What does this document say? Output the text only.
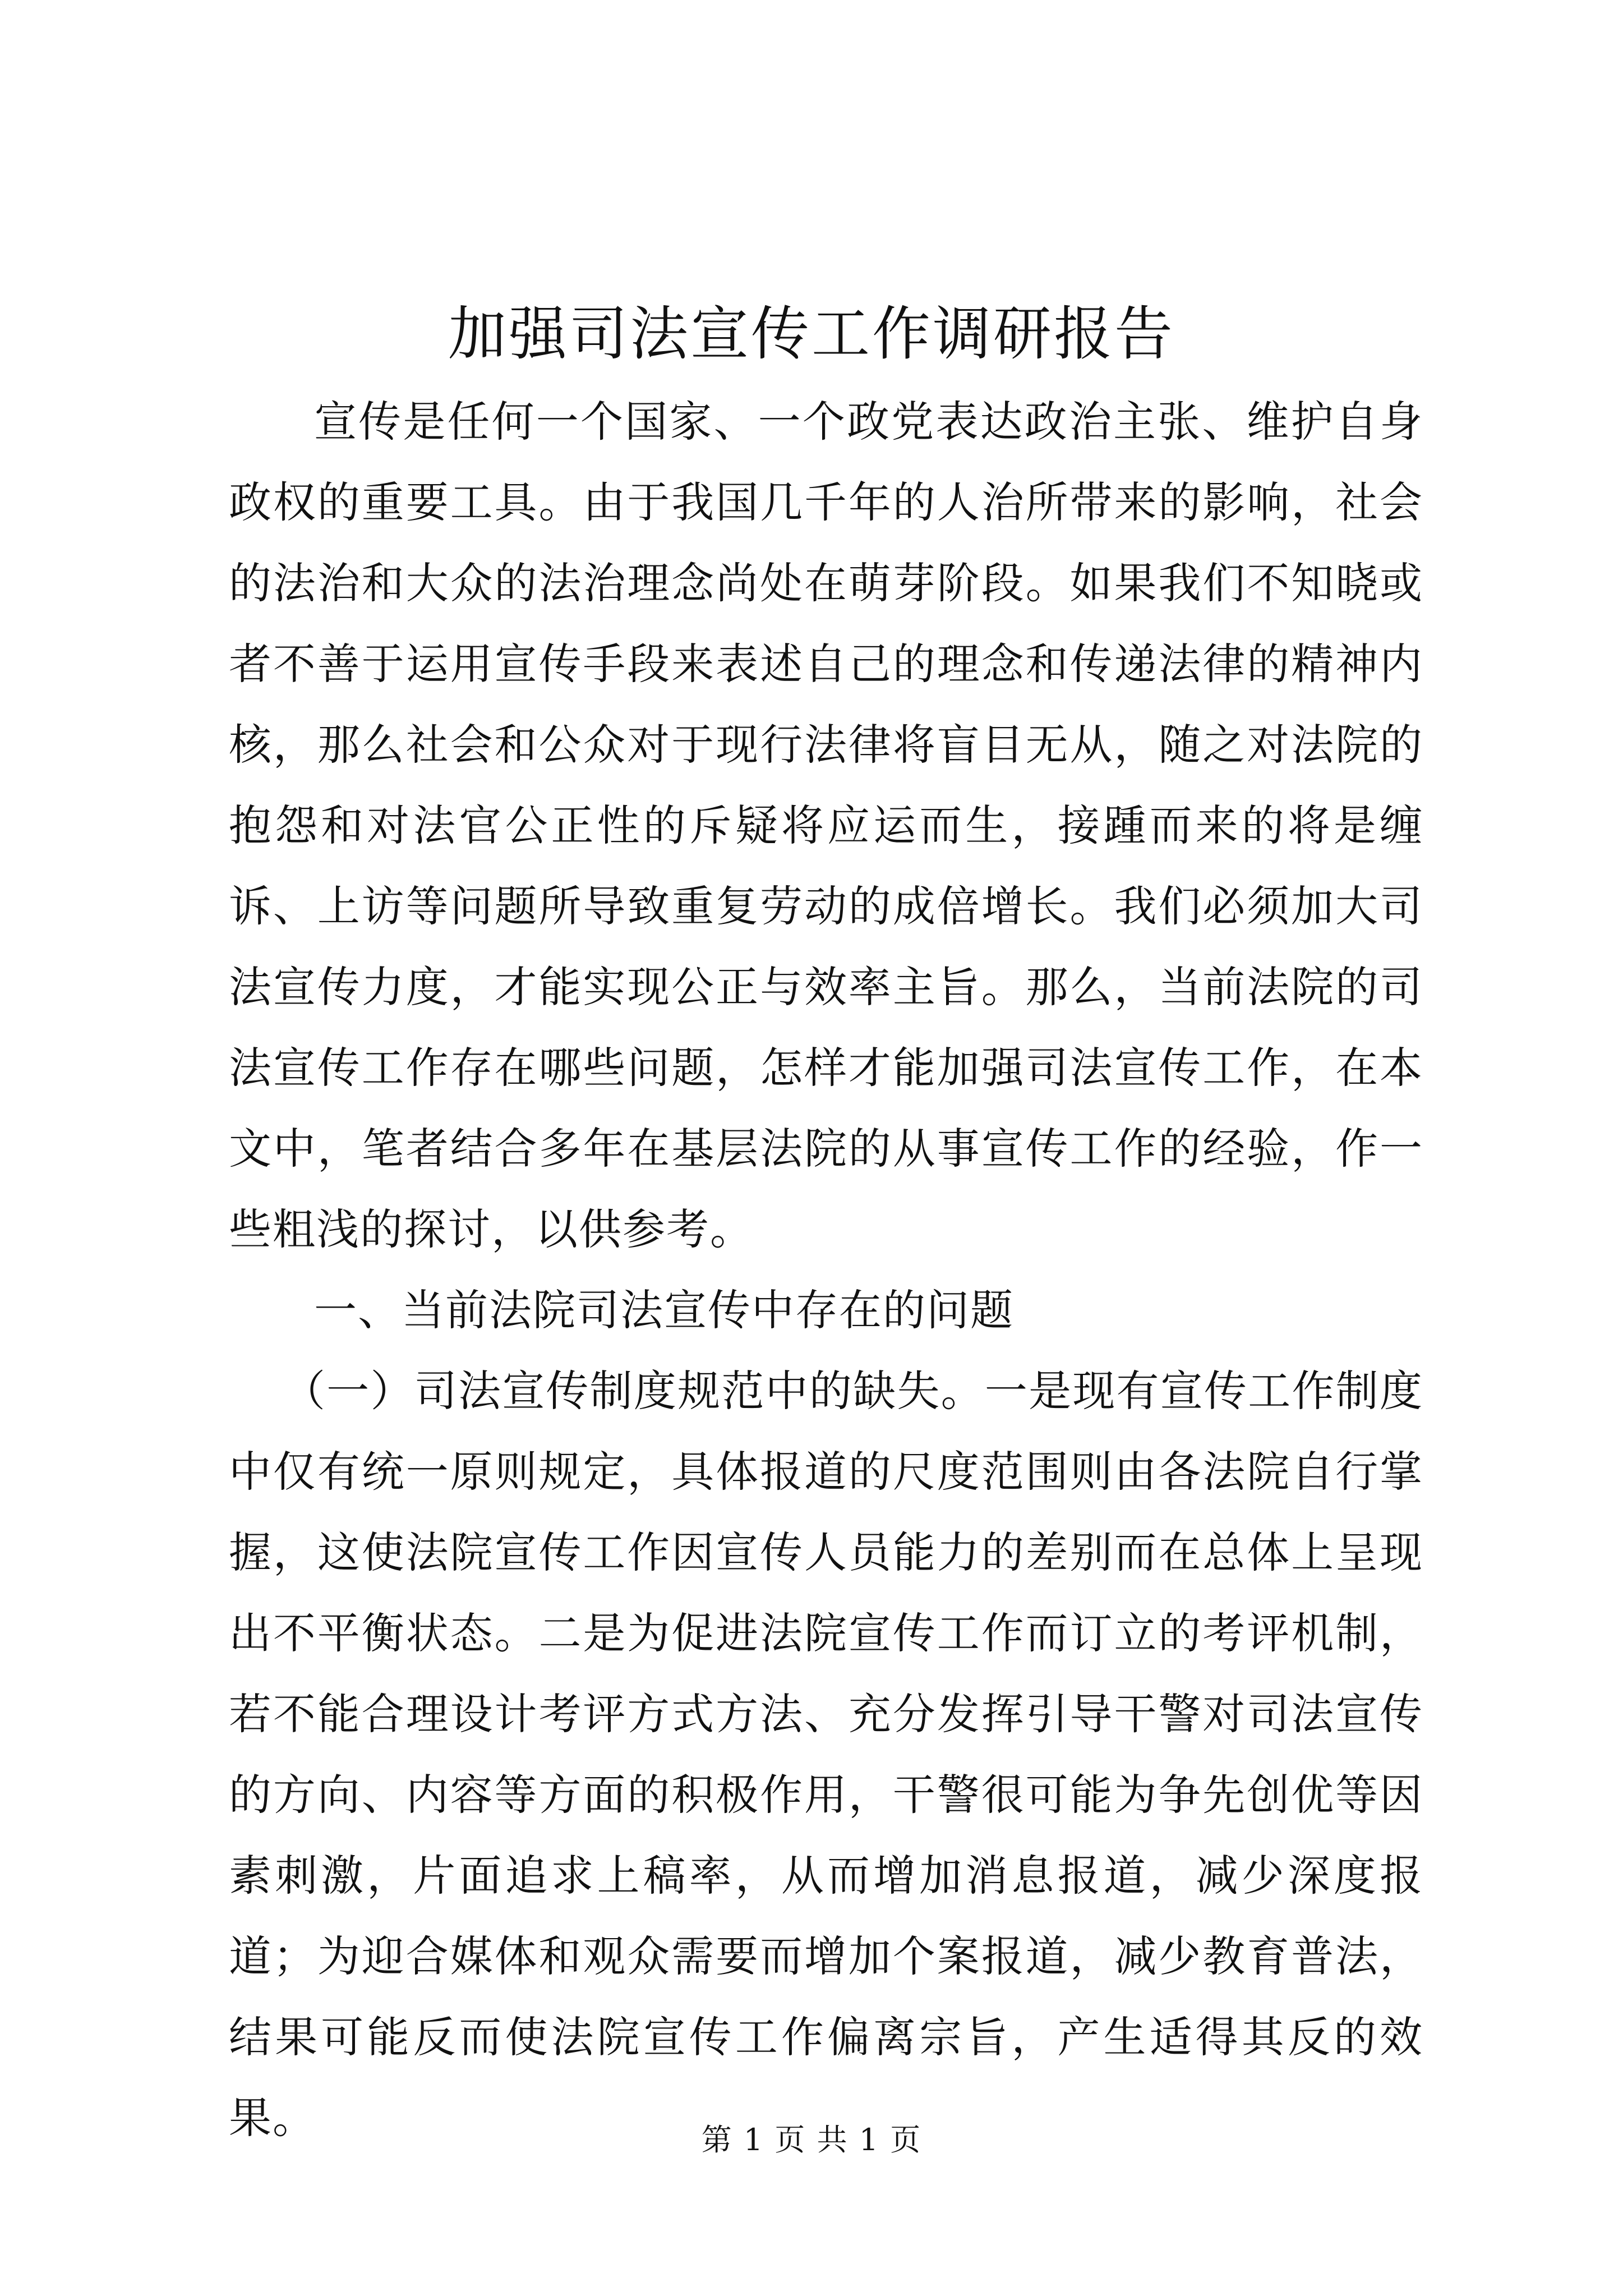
加强司法宣传工作调研报告

宣传是任何一个国家、一个政党表达政治主张、维护自身政权的重要工具。由于我国几千年的人治所带来的影响，社会的法治和大众的法治理念尚处在萌芽阶段。如果我们不知晓或者不善于运用宣传手段来表述自己的理念和传递法律的精神内核，那么社会和公众对于现行法律将盲目无从，随之对法院的抱怨和对法官公正性的斥疑将应运而生，接踵而来的将是缠诉、上访等问题所导致重复劳动的成倍增长。我们必须加大司法宣传力度，才能实现公正与效率主旨。那么，当前法院的司法宣传工作存在哪些问题，怎样才能加强司法宣传工作，在本文中，笔者结合多年在基层法院的从事宣传工作的经验，作一些粗浅的探讨，以供参考。

一、当前法院司法宣传中存在的问题

（一）司法宣传制度规范中的缺失。一是现有宣传工作制度中仅有统一原则规定，具体报道的尺度范围则由各法院自行掌握，这使法院宣传工作因宣传人员能力的差别而在总体上呈现出不平衡状态。二是为促进法院宣传工作而订立的考评机制，若不能合理设计考评方式方法、充分发挥引导干警对司法宣传的方向、内容等方面的积极作用，干警很可能为争先创优等因素刺激，片面追求上稿率，从而增加消息报道，减少深度报道；为迎合媒体和观众需要而增加个案报道，减少教育普法，结果可能反而使法院宣传工作偏离宗旨，产生适得其反的效果。	第 1 页 共 1 页
